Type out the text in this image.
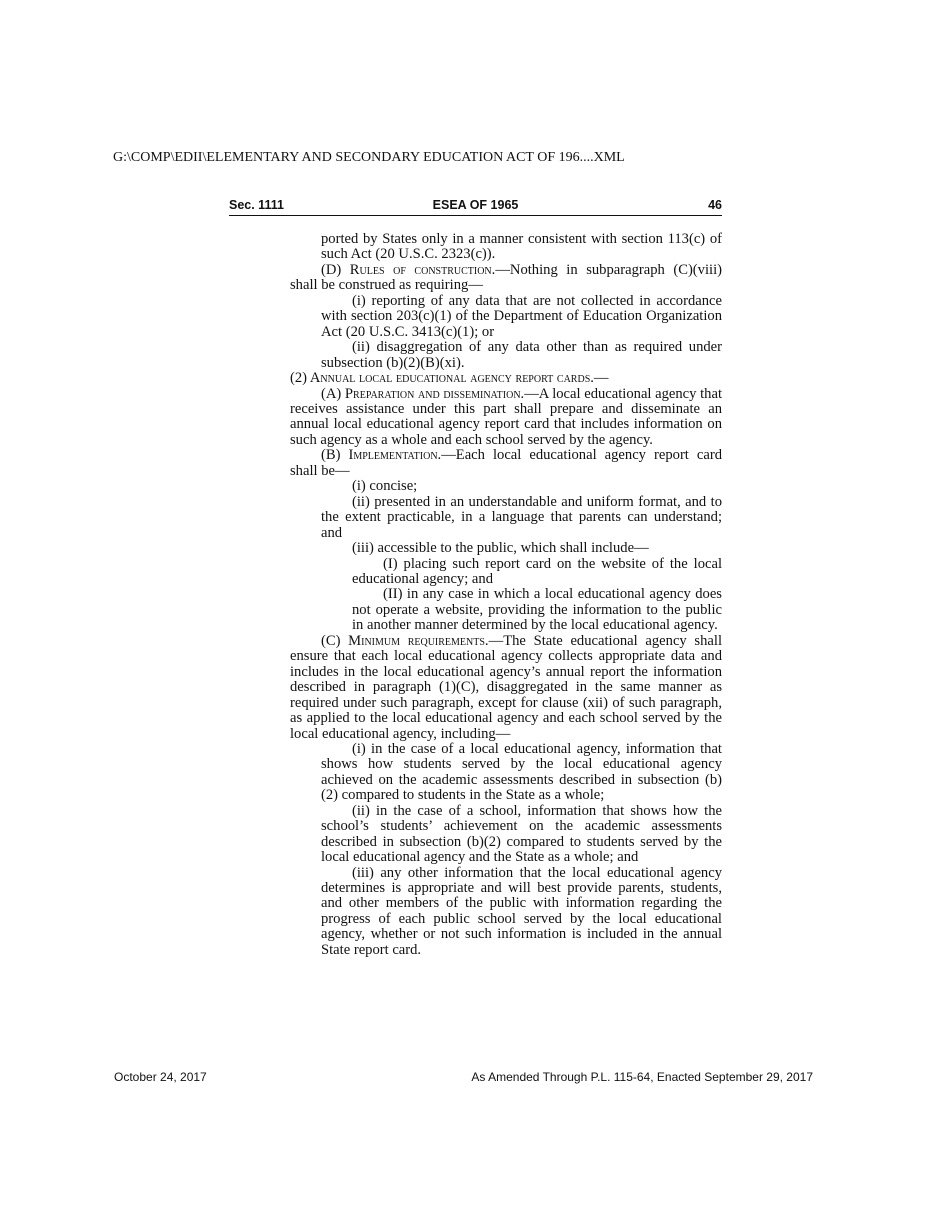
G:\COMP\EDII\ELEMENTARY AND SECONDARY EDUCATION ACT OF 196....XML
Sec. 1111	ESEA OF 1965	46

ported by States only in a manner consistent with section 113(c) of such Act (20 U.S.C. 2323(c)).

(D) Rules of construction.—Nothing in subparagraph (C)(viii) shall be construed as requiring—

(i) reporting of any data that are not collected in accordance with section 203(c)(1) of the Department of Education Organization Act (20 U.S.C. 3413(c)(1); or

(ii) disaggregation of any data other than as required under subsection (b)(2)(B)(xi).

(2) Annual local educational agency report cards.—

(A) Preparation and dissemination.—A local educational agency that receives assistance under this part shall prepare and disseminate an annual local educational agency report card that includes information on such agency as a whole and each school served by the agency.

(B) Implementation.—Each local educational agency report card shall be—

(i) concise;

(ii) presented in an understandable and uniform format, and to the extent practicable, in a language that parents can understand; and

(iii) accessible to the public, which shall include—

(I) placing such report card on the website of the local educational agency; and

(II) in any case in which a local educational agency does not operate a website, providing the information to the public in another manner determined by the local educational agency.

(C) Minimum requirements.—The State educational agency shall ensure that each local educational agency collects appropriate data and includes in the local educational agency’s annual report the information described in paragraph (1)(C), disaggregated in the same manner as required under such paragraph, except for clause (xii) of such paragraph, as applied to the local educational agency and each school served by the local educational agency, including—

(i) in the case of a local educational agency, information that shows how students served by the local educational agency achieved on the academic assessments described in subsection (b)(2) compared to students in the State as a whole;

(ii) in the case of a school, information that shows how the school’s students’ achievement on the academic assessments described in subsection (b)(2) compared to students served by the local educational agency and the State as a whole; and

(iii) any other information that the local educational agency determines is appropriate and will best provide parents, students, and other members of the public with information regarding the progress of each public school served by the local educational agency, whether or not such information is included in the annual State report card.

October 24, 2017	As Amended Through P.L. 115-64, Enacted September 29, 2017
